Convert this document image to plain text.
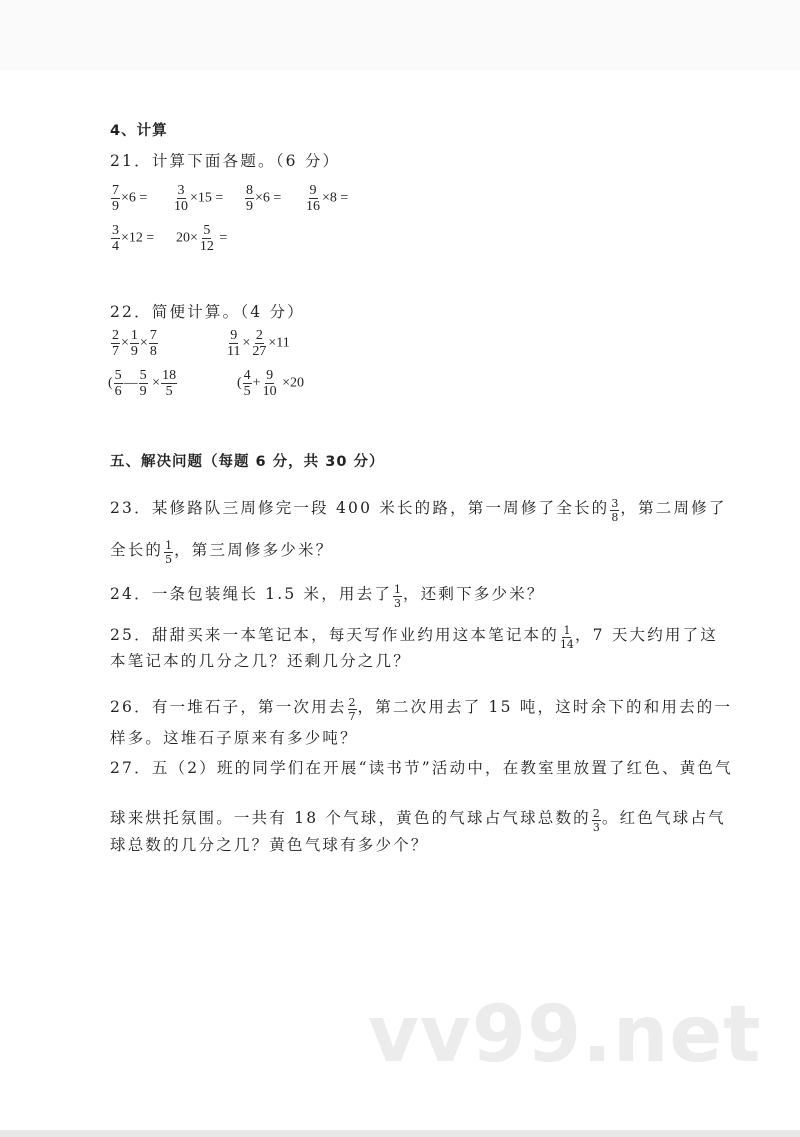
4、计算
21．计算下面各题。（6 分）
$\frac{7}{9} \times 6 = \frac{3}{10} \times 15 = \frac{8}{9} \times 6 = \frac{9}{16} \times 8$ =
$\frac{3}{4} \times 12 = 20\times \frac{5}{12}$ =
22．简便计算。（4 分）
$\frac{2}{7} \times \frac{1}{9} \times \frac{7}{8}$	$\frac{9}{11} \times \frac{2}{27} \times 11$
( $\frac{5}{6}$ — $\frac{5}{9} \times \frac{18}{5}$	( $\frac{4}{5} + \frac{9}{10} \times 20$
五、解决问题（每题 6 分，共 30 分）
23．某修路队三周修完一段 400 米长的路，第一周修了全长的 $\frac{3}{8}$ ，第二周修了
全长的 $\frac{1}{5}$ ，第三周修多少米？
24．一条包装绳长 1.5 米，用去了 $\frac{1}{3}$ ，还剩下多少米？
25．甜甜买来一本笔记本，每天写作业约用这本笔记本的 $\frac{1}{14}$ ，7 天大约用了这
本笔记本的几分之几？还剩几分之几？
26．有一堆石子，第一次用去 $\frac{2}{7}$ ，第二次用去了 15 吨，这时余下的和用去的一
样多。这堆石子原来有多少吨？
27．五（2）班的同学们在开展“读书节”活动中，在教室里放置了红色、黄色气
球来烘托氛围。一共有 18 个气球，黄色的气球占气球总数的 $\frac{2}{3}$ 。红色气球占气
球总数的几分之几？黄色气球有多少个？
vv99.net
